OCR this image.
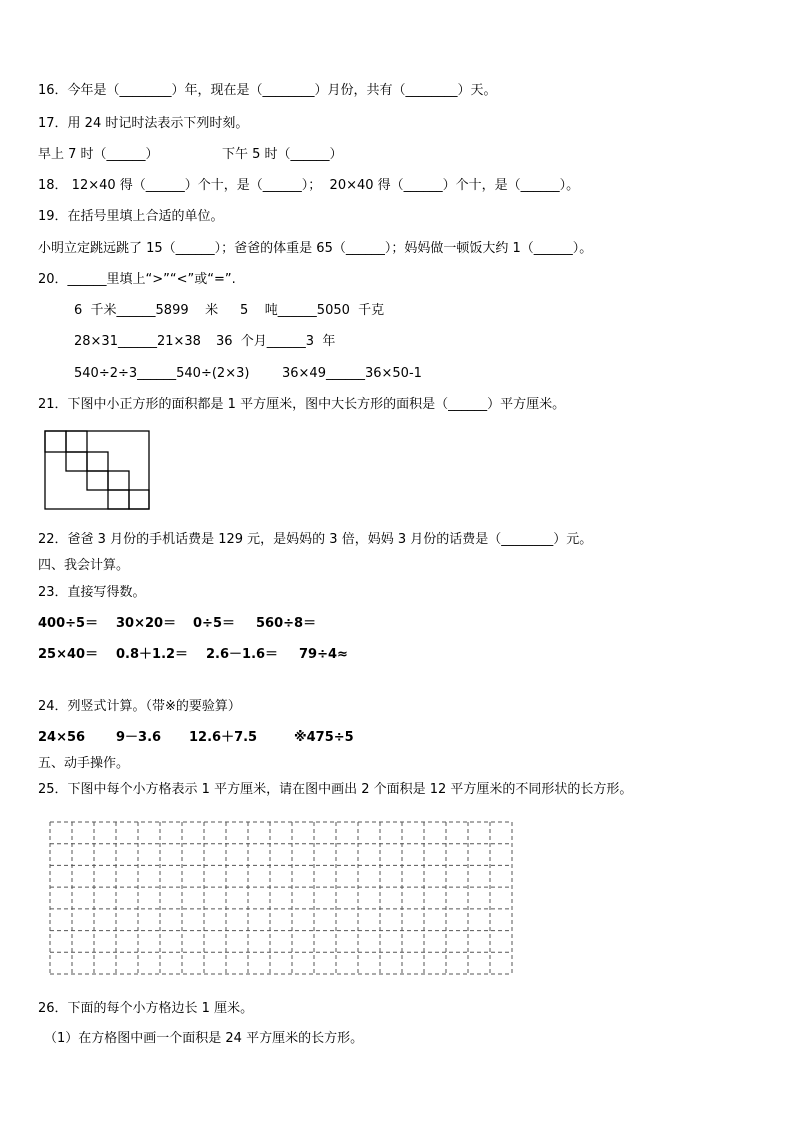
16．今年是（________）年，现在是（________）月份，共有（________）天。
17．用 24 时记时法表示下列时刻。
早上 7 时（______）	下午 5 时（______）
18． 12×40 得（______）个十，是（______）；  20×40 得（______）个十，是（______）。
19．在括号里填上合适的单位。
小明立定跳远跳了 15（______）；爸爸的体重是 65（______）；妈妈做一顿饭大约 1（______）。
20．______里填上“>”“<”或“=”.
6  千米______5899    米 5    吨______5050  千克
28×31______21×38 36  个月______3  年
540÷2÷3______540÷(2×3)	36×49______36×50-1
21．下图中小正方形的面积都是 1 平方厘米，图中大长方形的面积是（______）平方厘米。
22．爸爸 3 月份的手机话费是 129 元，是妈妈的 3 倍，妈妈 3 月份的话费是（________）元。
四、我会计算。
23．直接写得数。
400÷5＝ 30×20＝ 0÷5＝ 560÷8＝
25×40＝ 0.8＋1.2＝ 2.6－1.6＝ 79÷4≈
24．列竖式计算。（带※的要验算）
24×56 9－3.6 12.6＋7.5	※475÷5
五、动手操作。
25．下图中每个小方格表示 1 平方厘米，请在图中画出 2 个面积是 12 平方厘米的不同形状的长方形。
26．下面的每个小方格边长 1 厘米。
（1）在方格图中画一个面积是 24 平方厘米的长方形。
